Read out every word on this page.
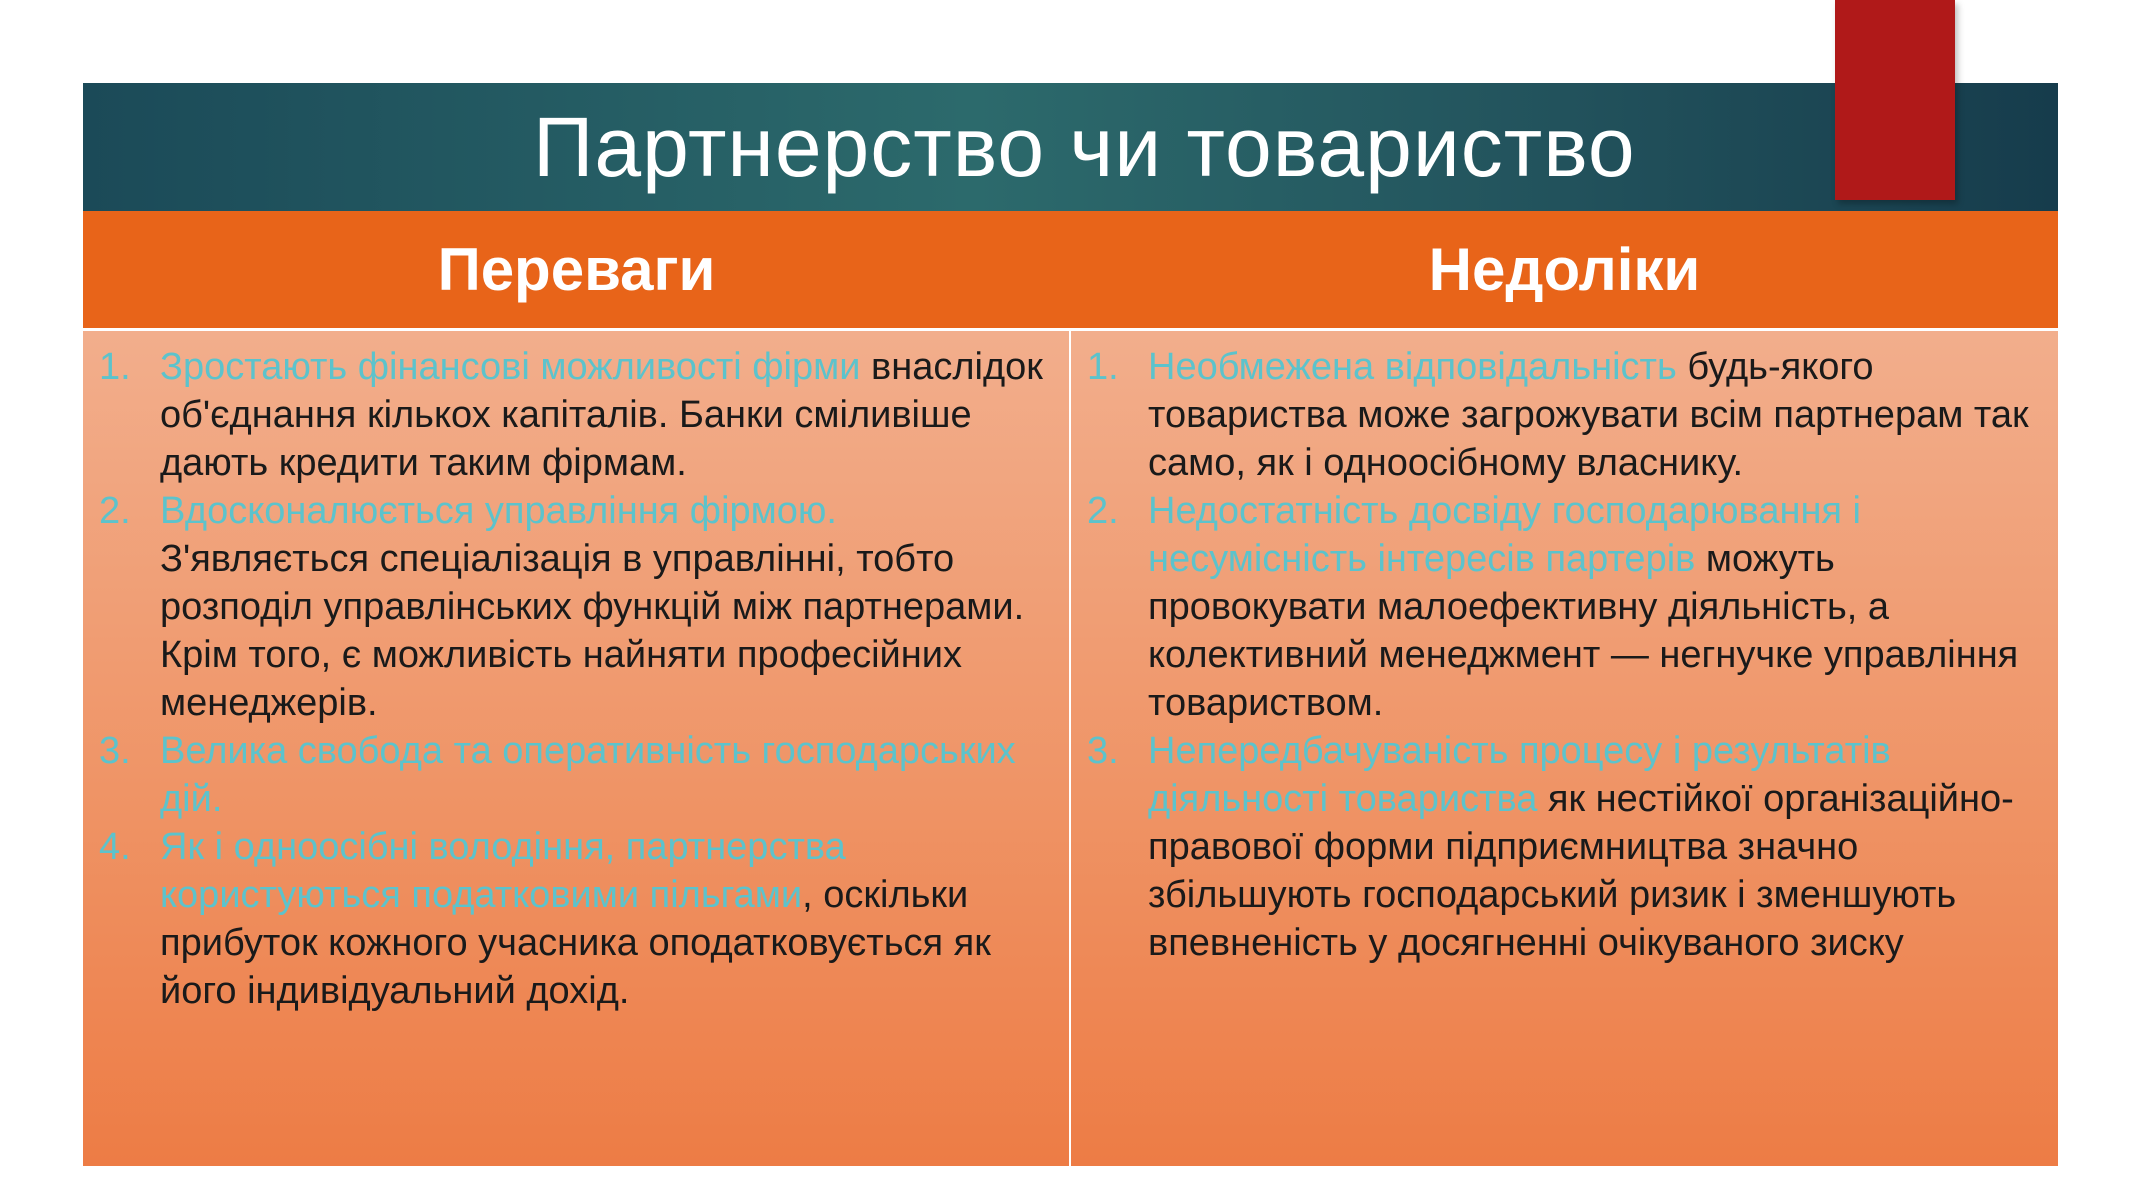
Партнерство чи товариство
Переваги	Недоліки
1. Зростають фінансові можливості фірми внаслідок об'єднання кількох капіталів. Банки сміливіше дають кредити таким фірмам.
2. Вдосконалюється управління фірмою. З'являється спеціалізація в управлінні, тобто розподіл управлінських функцій між партнерами. Крім того, є можливість найняти професійних менеджерів.
3. Велика свобода та оперативність господарських дій.
4. Як і одноосібні володіння, партнерства користуються податковими пільгами, оскільки прибуток кожного учасника оподатковується як його індивідуальний дохід.
1. Необмежена відповідальність будь-якого товариства може загрожувати всім партнерам так само, як і одноосібному власнику.
2. Недостатність досвіду господарювання і несумісність інтересів партерів можуть провокувати малоефективну діяльність, а колективний менеджмент — негнучке управління товариством.
3. Непередбачуваність процесу і результатів діяльності товариства як нестійкої організаційно-правової форми підприємництва значно збільшують господарський ризик і зменшують впевненість у досягненні очікуваного зиску
